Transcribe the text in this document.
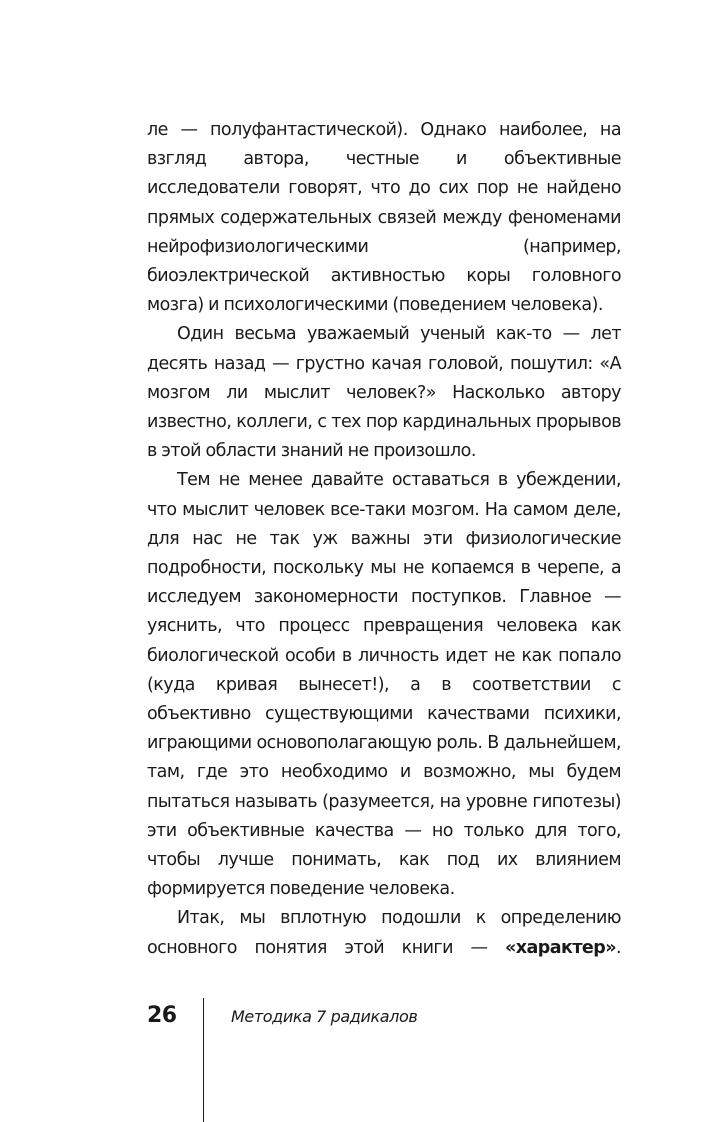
ле — полуфантастической). Однако наиболее, на взгляд автора, честные и объективные исследователи говорят, что до сих пор не найдено прямых содержательных связей между феноменами нейрофизиологическими (например, биоэлектрической активностью коры головного мозга) и психологическими (поведением человека).

Один весьма уважаемый ученый как-то — лет десять назад — грустно качая головой, пошутил: «А мозгом ли мыслит человек?» Насколько автору известно, коллеги, с тех пор кардинальных прорывов в этой области знаний не произошло.

Тем не менее давайте оставаться в убеждении, что мыслит человек все-таки мозгом. На самом деле, для нас не так уж важны эти физиологические подробности, поскольку мы не копаемся в черепе, а исследуем закономерности поступков. Главное — уяснить, что процесс превращения человека как биологической особи в личность идет не как попало (куда кривая вынесет!), а в соответствии с объективно существующими качествами психики, играющими основополагающую роль. В дальнейшем, там, где это необходимо и возможно, мы будем пытаться называть (разумеется, на уровне гипотезы) эти объективные качества — но только для того, чтобы лучше понимать, как под их влиянием формируется поведение человека.

Итак, мы вплотную подошли к определению основного понятия этой книги — «характер».

26	Методика 7 радикалов
